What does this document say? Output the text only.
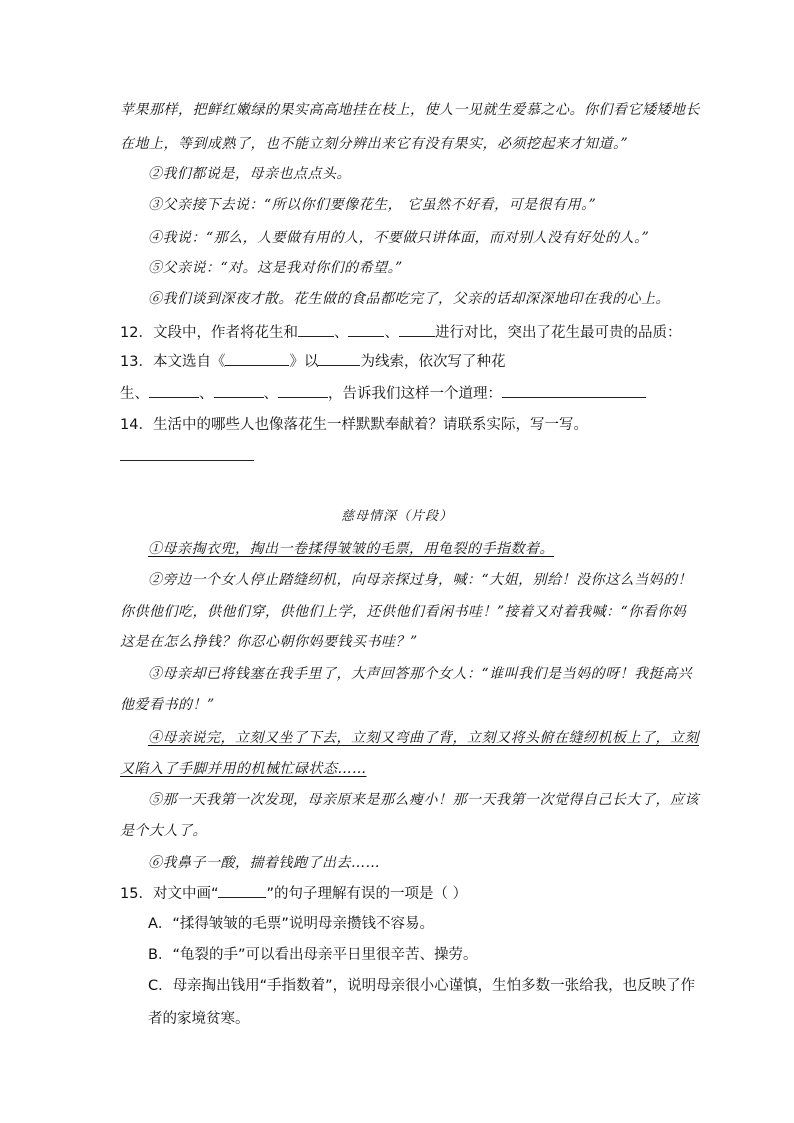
苹果那样，把鲜红嫩绿的果实高高地挂在枝上，使人一见就生爱慕之心。你们看它矮矮地长
在地上，等到成熟了，也不能立刻分辨出来它有没有果实，必须挖起来才知道。”
②我们都说是，母亲也点点头。
③父亲接下去说：“所以你们要像花生， 它虽然不好看，可是很有用。”
④我说：“那么，人要做有用的人，不要做只讲体面，而对别人没有好处的人。”
⑤父亲说：“对。这是我对你们的希望。”
⑥我们谈到深夜才散。花生做的食品都吃完了，父亲的话却深深地印在我的心上。
12．文段中，作者将花生和 、 、 进行对比，突出了花生最可贵的品质：
13．本文选自《	》以	为线索，依次写了种花
生、	、	、	，告诉我们这样一个道理：
14．生活中的哪些人也像落花生一样默默奉献着？请联系实际，写一写。
慈母情深（片段）
①母亲掏衣兜，掏出一卷揉得皱皱的毛票，用龟裂的手指数着。
②旁边一个女人停止踏缝纫机，向母亲探过身，喊：“大姐，别给！没你这么当妈的！
你供他们吃，供他们穿，供他们上学，还供他们看闲书哇！”接着又对着我喊：“你看你妈
这是在怎么挣钱？你忍心朝你妈要钱买书哇？”
③母亲却已将钱塞在我手里了，大声回答那个女人：“谁叫我们是当妈的呀！我挺高兴
他爱看书的！”
④母亲说完，立刻又坐了下去，立刻又弯曲了背，立刻又将头俯在缝纫机板上了，立刻
又陷入了手脚并用的机械忙碌状态……
⑤那一天我第一次发现，母亲原来是那么瘦小！那一天我第一次觉得自己长大了，应该
是个大人了。
⑥我鼻子一酸，揣着钱跑了出去……
15．对文中画“	”的句子理解有误的一项是（ ）
A．“揉得皱皱的毛票”说明母亲攒钱不容易。
B．“龟裂的手”可以看出母亲平日里很辛苦、操劳。
C．母亲掏出钱用“手指数着”，说明母亲很小心谨慎，生怕多数一张给我，也反映了作
者的家境贫寒。
